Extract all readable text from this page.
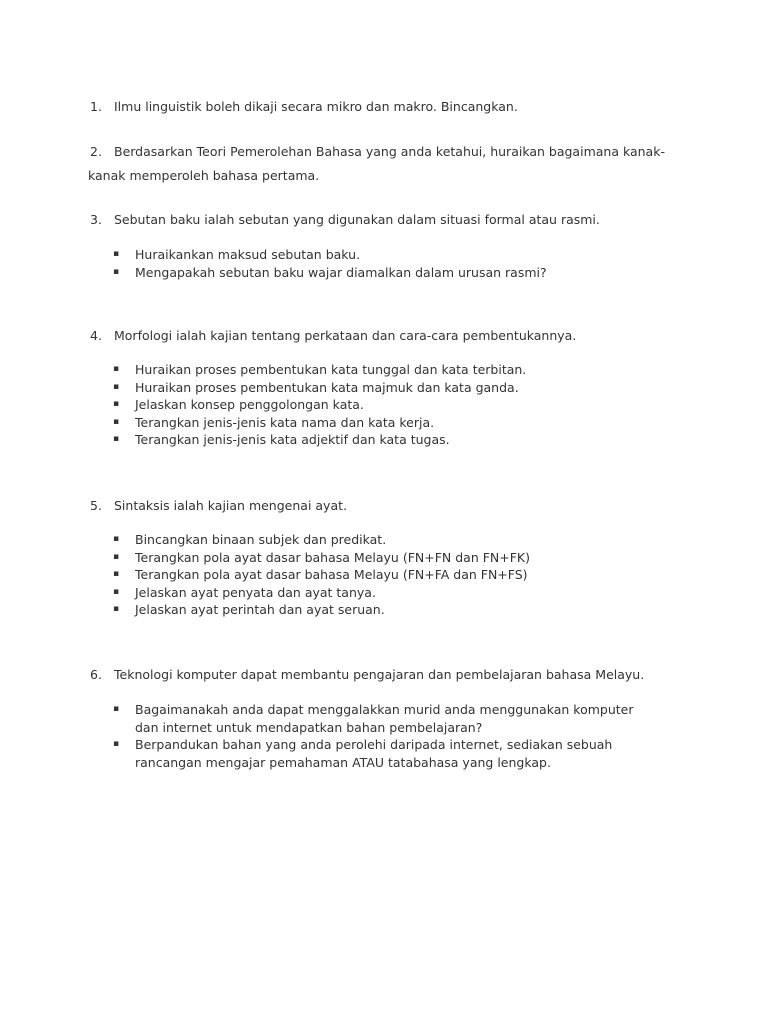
1. Ilmu linguistik boleh dikaji secara mikro dan makro. Bincangkan.
2. Berdasarkan Teori Pemerolehan Bahasa yang anda ketahui, huraikan bagaimana kanak-
kanak memperoleh bahasa pertama.
3. Sebutan baku ialah sebutan yang digunakan dalam situasi formal atau rasmi.
▪ Huraikankan maksud sebutan baku.
▪ Mengapakah sebutan baku wajar diamalkan dalam urusan rasmi?
4. Morfologi ialah kajian tentang perkataan dan cara-cara pembentukannya.
▪ Huraikan proses pembentukan kata tunggal dan kata terbitan.
▪ Huraikan proses pembentukan kata majmuk dan kata ganda.
▪ Jelaskan konsep penggolongan kata.
▪ Terangkan jenis-jenis kata nama dan kata kerja.
▪ Terangkan jenis-jenis kata adjektif dan kata tugas.
5. Sintaksis ialah kajian mengenai ayat.
▪ Bincangkan binaan subjek dan predikat.
▪ Terangkan pola ayat dasar bahasa Melayu (FN+FN dan FN+FK)
▪ Terangkan pola ayat dasar bahasa Melayu (FN+FA dan FN+FS)
▪ Jelaskan ayat penyata dan ayat tanya.
▪ Jelaskan ayat perintah dan ayat seruan.
6. Teknologi komputer dapat membantu pengajaran dan pembelajaran bahasa Melayu.
▪ Bagaimanakah anda dapat menggalakkan murid anda menggunakan komputer dan internet untuk mendapatkan bahan pembelajaran?
▪ Berpandukan bahan yang anda perolehi daripada internet, sediakan sebuah rancangan mengajar pemahaman ATAU tatabahasa yang lengkap.
